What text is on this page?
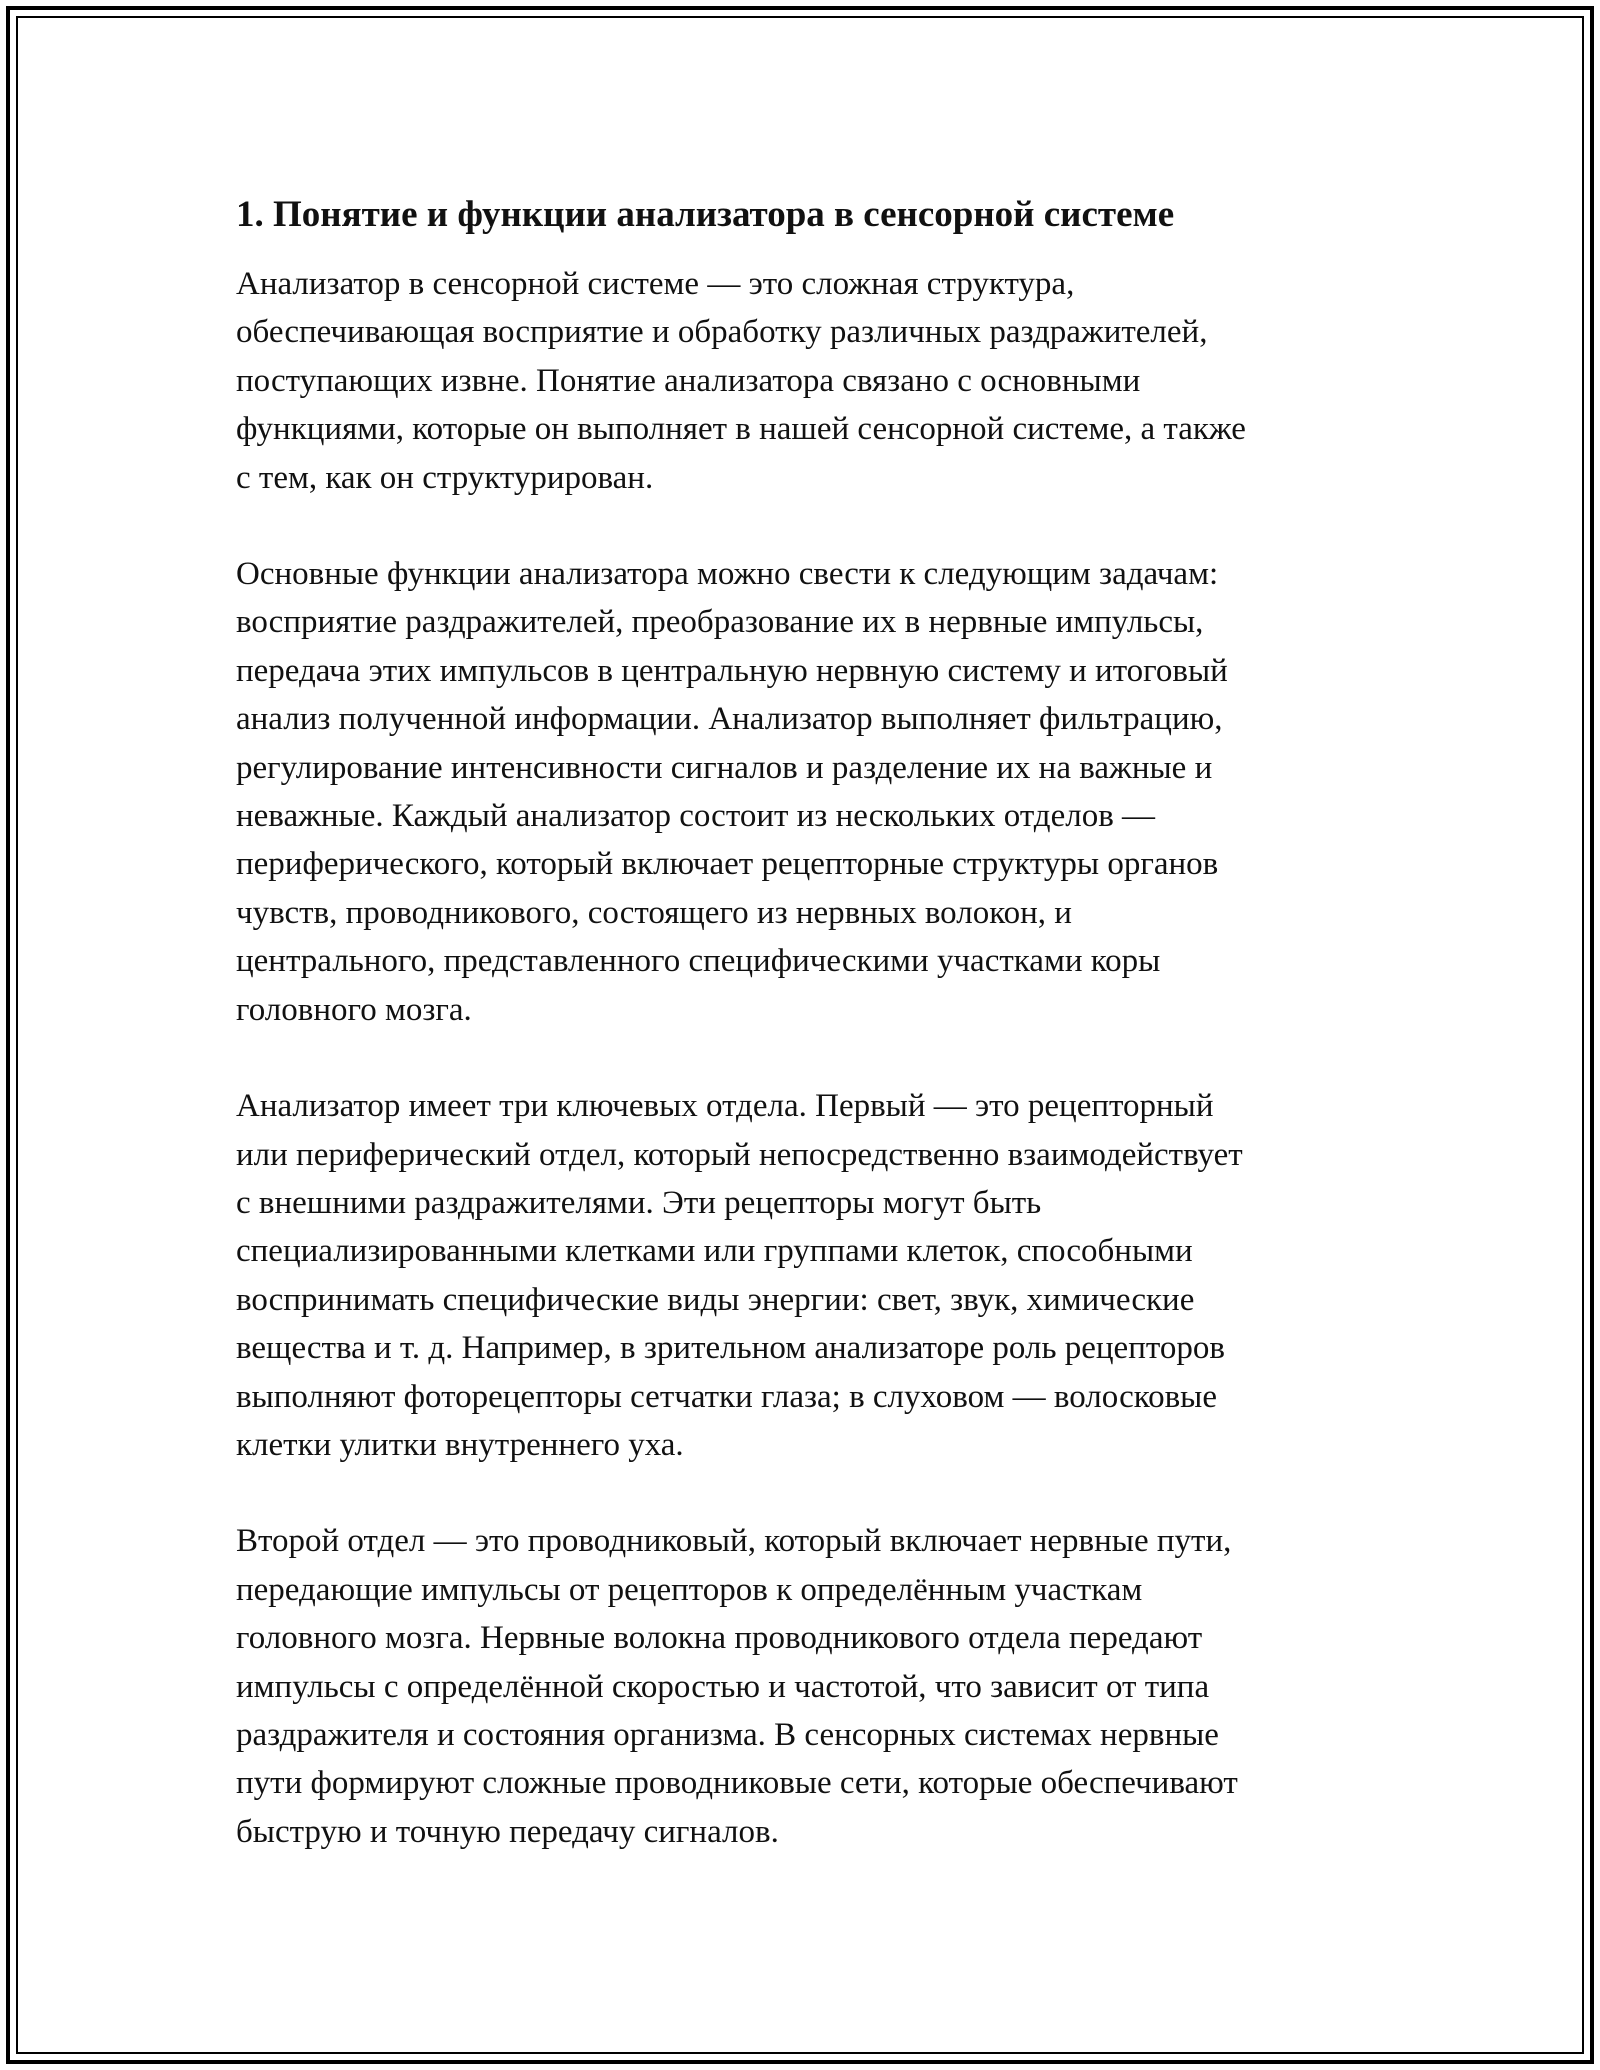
1. Понятие и функции анализатора в сенсорной системе

Анализатор в сенсорной системе — это сложная структура,
обеспечивающая восприятие и обработку различных раздражителей,
поступающих извне. Понятие анализатора связано с основными
функциями, которые он выполняет в нашей сенсорной системе, а также
с тем, как он структурирован.

Основные функции анализатора можно свести к следующим задачам:
восприятие раздражителей, преобразование их в нервные импульсы,
передача этих импульсов в центральную нервную систему и итоговый
анализ полученной информации. Анализатор выполняет фильтрацию,
регулирование интенсивности сигналов и разделение их на важные и
неважные. Каждый анализатор состоит из нескольких отделов —
периферического, который включает рецепторные структуры органов
чувств, проводникового, состоящего из нервных волокон, и
центрального, представленного специфическими участками коры
головного мозга.

Анализатор имеет три ключевых отдела. Первый — это рецепторный
или периферический отдел, который непосредственно взаимодействует
с внешними раздражителями. Эти рецепторы могут быть
специализированными клетками или группами клеток, способными
воспринимать специфические виды энергии: свет, звук, химические
вещества и т. д. Например, в зрительном анализаторе роль рецепторов
выполняют фоторецепторы сетчатки глаза; в слуховом — волосковые
клетки улитки внутреннего уха.

Второй отдел — это проводниковый, который включает нервные пути,
передающие импульсы от рецепторов к определённым участкам
головного мозга. Нервные волокна проводникового отдела передают
импульсы с определённой скоростью и частотой, что зависит от типа
раздражителя и состояния организма. В сенсорных системах нервные
пути формируют сложные проводниковые сети, которые обеспечивают
быструю и точную передачу сигналов.
